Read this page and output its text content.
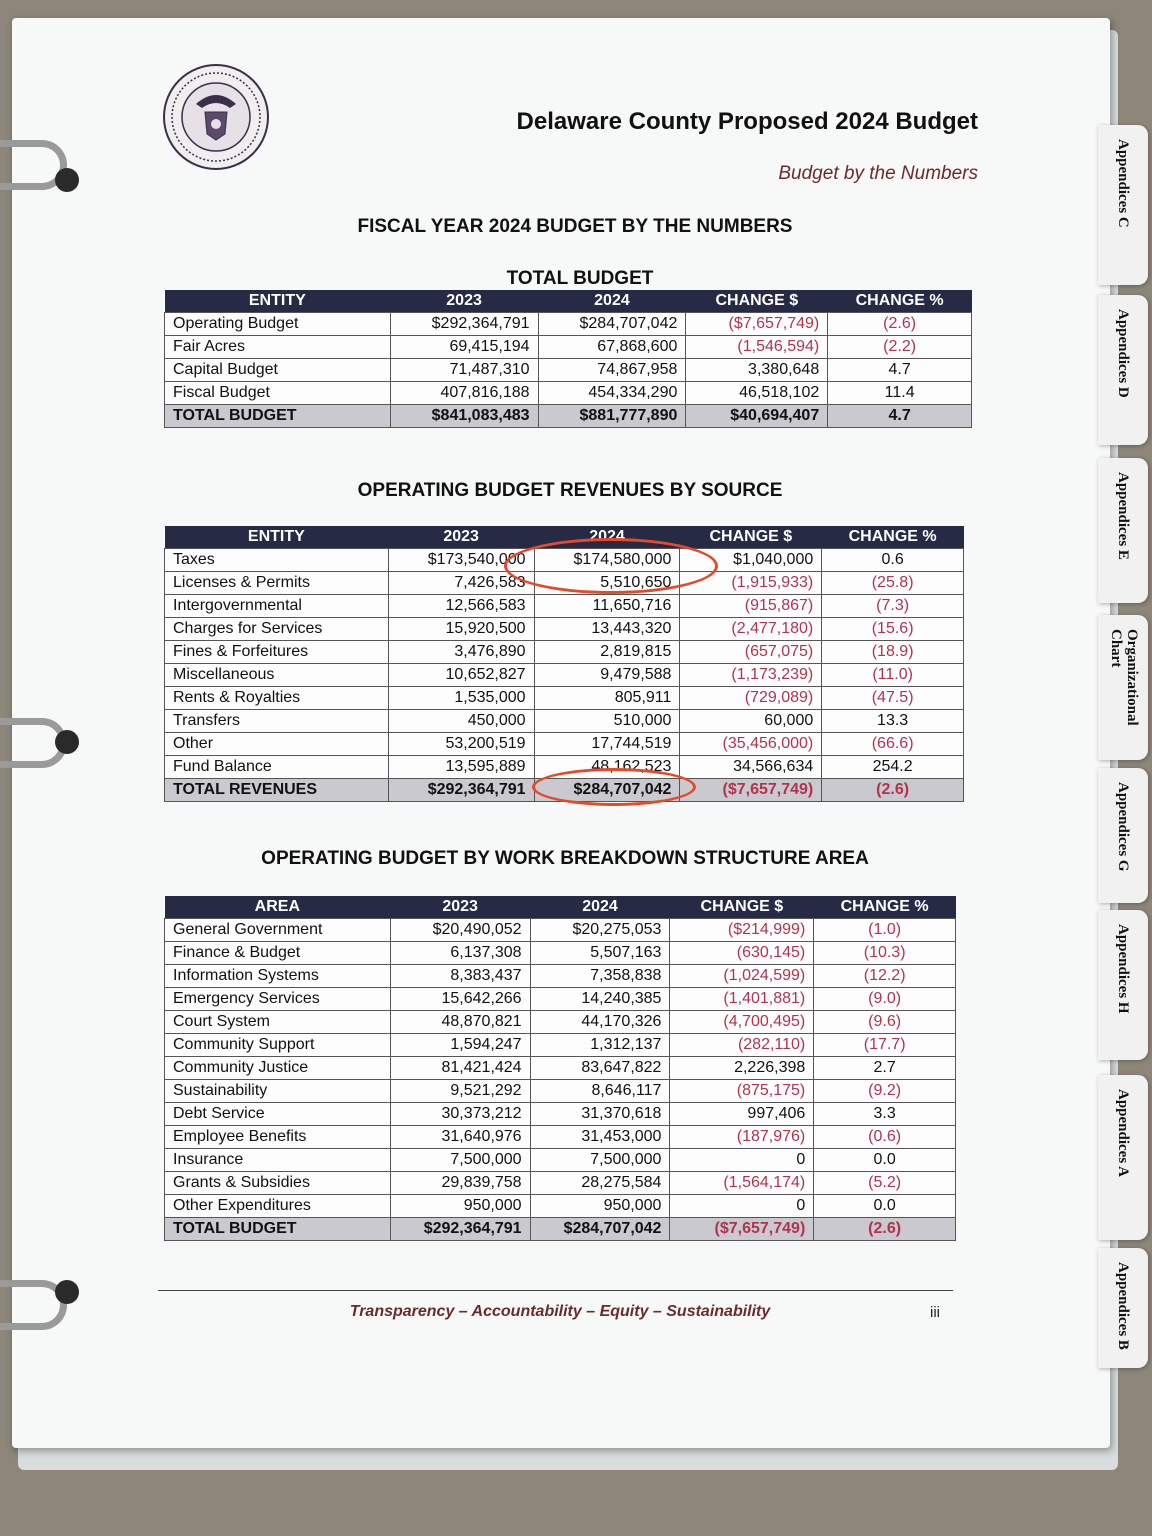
Delaware County Proposed 2024 Budget
Budget by the Numbers
FISCAL YEAR 2024 BUDGET BY THE NUMBERS
TOTAL BUDGET
ENTITY	2023	2024	CHANGE $	CHANGE %
Operating Budget	$292,364,791	$284,707,042	($7,657,749)	(2.6)
Fair Acres	69,415,194	67,868,600	(1,546,594)	(2.2)
Capital Budget	71,487,310	74,867,958	3,380,648	4.7
Fiscal Budget	407,816,188	454,334,290	46,518,102	11.4
TOTAL BUDGET	$841,083,483	$881,777,890	$40,694,407	4.7
OPERATING BUDGET REVENUES BY SOURCE
ENTITY	2023	2024	CHANGE $	CHANGE %
Taxes	$173,540,000	$174,580,000	$1,040,000	0.6
Licenses & Permits	7,426,583	5,510,650	(1,915,933)	(25.8)
Intergovernmental	12,566,583	11,650,716	(915,867)	(7.3)
Charges for Services	15,920,500	13,443,320	(2,477,180)	(15.6)
Fines & Forfeitures	3,476,890	2,819,815	(657,075)	(18.9)
Miscellaneous	10,652,827	9,479,588	(1,173,239)	(11.0)
Rents & Royalties	1,535,000	805,911	(729,089)	(47.5)
Transfers	450,000	510,000	60,000	13.3
Other	53,200,519	17,744,519	(35,456,000)	(66.6)
Fund Balance	13,595,889	48,162,523	34,566,634	254.2
TOTAL REVENUES	$292,364,791	$284,707,042	($7,657,749)	(2.6)
OPERATING BUDGET BY WORK BREAKDOWN STRUCTURE AREA
AREA	2023	2024	CHANGE $	CHANGE %
General Government	$20,490,052	$20,275,053	($214,999)	(1.0)
Finance & Budget	6,137,308	5,507,163	(630,145)	(10.3)
Information Systems	8,383,437	7,358,838	(1,024,599)	(12.2)
Emergency Services	15,642,266	14,240,385	(1,401,881)	(9.0)
Court System	48,870,821	44,170,326	(4,700,495)	(9.6)
Community Support	1,594,247	1,312,137	(282,110)	(17.7)
Community Justice	81,421,424	83,647,822	2,226,398	2.7
Sustainability	9,521,292	8,646,117	(875,175)	(9.2)
Debt Service	30,373,212	31,370,618	997,406	3.3
Employee Benefits	31,640,976	31,453,000	(187,976)	(0.6)
Insurance	7,500,000	7,500,000	0	0.0
Grants & Subsidies	29,839,758	28,275,584	(1,564,174)	(5.2)
Other Expenditures	950,000	950,000	0	0.0
TOTAL BUDGET	$292,364,791	$284,707,042	($7,657,749)	(2.6)
Transparency – Accountability – Equity – Sustainability	iii
Appendices C
Appendices D
Appendices E
Organizational Chart
Appendices G
Appendices H
Appendices A
Appendices B
